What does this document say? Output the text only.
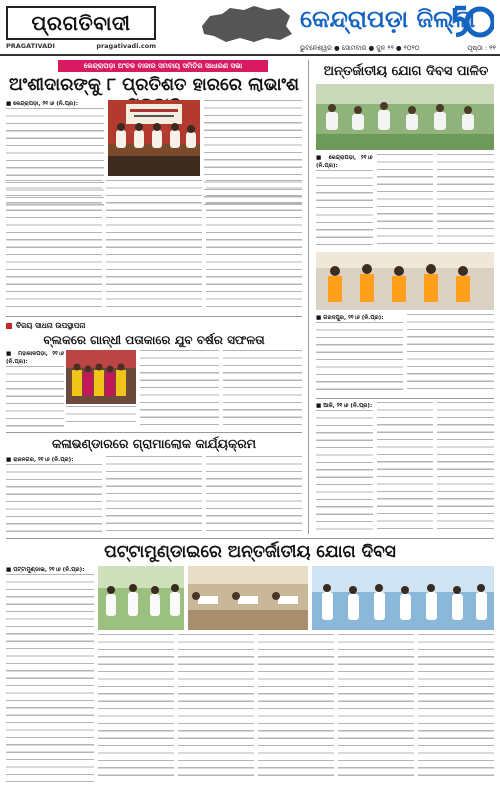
ପ୍ରଗତିବାଦୀ
PRAGATIVADI	pragativadi.com
କେନ୍ଦ୍ରାପଡ଼ା ଜିଲ୍ଲା
50
ଭୁବନେଶ୍ୱର ● ସୋମବାର ● ଜୁନ ୨୨ ● ୨୦୨୦	ପୃଷ୍ଠା : ୧୧
କେନ୍ଦ୍ରାପଡ଼ା ଅଂଚଳ ବାଜାର ସମବାୟ ସମିତିର ସାଧାରଣ ସଭା
ଅଂଶୀଦାରଙ୍କୁ ୮ ପ୍ରତିଶତ ହାରରେ ଲାଭାଂଶ
■ କେନ୍ଦ୍ରାପଡ଼ା, ୨୧।୬ (ନି.ପ୍ର):
ବିଜୟ ସାଧନା ଉପସ୍ଥାପନା
ବ୍ଲକରେ ଗାନ୍ଧୀ ପତାକାରେ ଯୁବ ବର୍ଷର ସଫଳତା
■ ମହାକାଳପଡ଼ା, ୨୧।୬ (ନି.ପ୍ର):
କଳାଭଣ୍ଡାରରେ ଗ୍ରାମାଲୋକ କାର୍ଯ୍ୟକ୍ରମ
■ ରାଜନଗର, ୨୧।୬ (ନି.ପ୍ର):
ଅନ୍ତର୍ଜାତୀୟ ଯୋଗ ଦିବସ ପାଳିତ
■ କେନ୍ଦ୍ରାପଡ଼ା, ୨୧।୬ (ନି.ପ୍ର):
■ ଗରଦପୁର, ୨୧।୬ (ନି.ପ୍ର):
■ ଆଳି, ୨୧।୬ (ନି.ପ୍ର):
ପଟ୍ଟାମୁଣ୍ଡାଇରେ ଅନ୍ତର୍ଜାତୀୟ ଯୋଗ ଦିବସ
■ ପଟ୍ଟାମୁଣ୍ଡାଇ, ୨୧।୬ (ନି.ପ୍ର):
